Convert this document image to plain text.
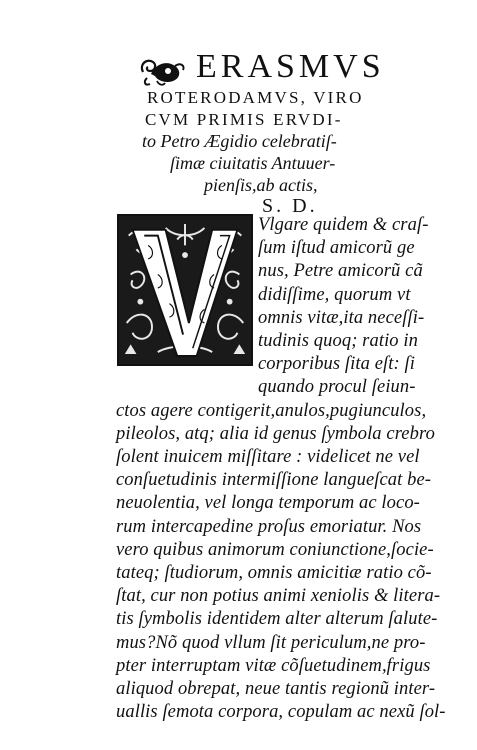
ERASMVS
ROTERODAMVS, VIRO
CVM PRIMIS ERVDI-
to Petro Ægidio celebratiſ-
ſimæ ciuitatis Antuuer-
pienſis,ab actis,
S. D.
Vlgare quidem & craſ-
ſum iſtud amicorũ ge
nus, Petre amicorũ cã
didiſſime, quorum vt
omnis vitæ,ita neceſſi-
tudinis quoq; ratio in
corporibus ſita eſt: ſi
quando procul ſeiun-
ctos agere contigerit,anulos,pugiunculos,
pileolos, atq; alia id genus ſymbola crebro
ſolent inuicem miſſitare : videlicet ne vel
conſuetudinis intermiſſione langueſcat be-
neuolentia, vel longa temporum ac loco-
rum intercapedine proſus emoriatur. Nos
vero quibus animorum coniunctione,ſocie-
tateq; ſtudiorum, omnis amicitiæ ratio cõ-
ſtat, cur non potius animi xeniolis & litera-
tis ſymbolis identidem alter alterum ſalute-
mus?Nõ quod vllum ſit periculum,ne pro-
pter interruptam vitæ cõſuetudinem,frigus
aliquod obrepat, neue tantis regionũ inter-
uallis ſemota corpora, copulam ac nexũ ſol-
